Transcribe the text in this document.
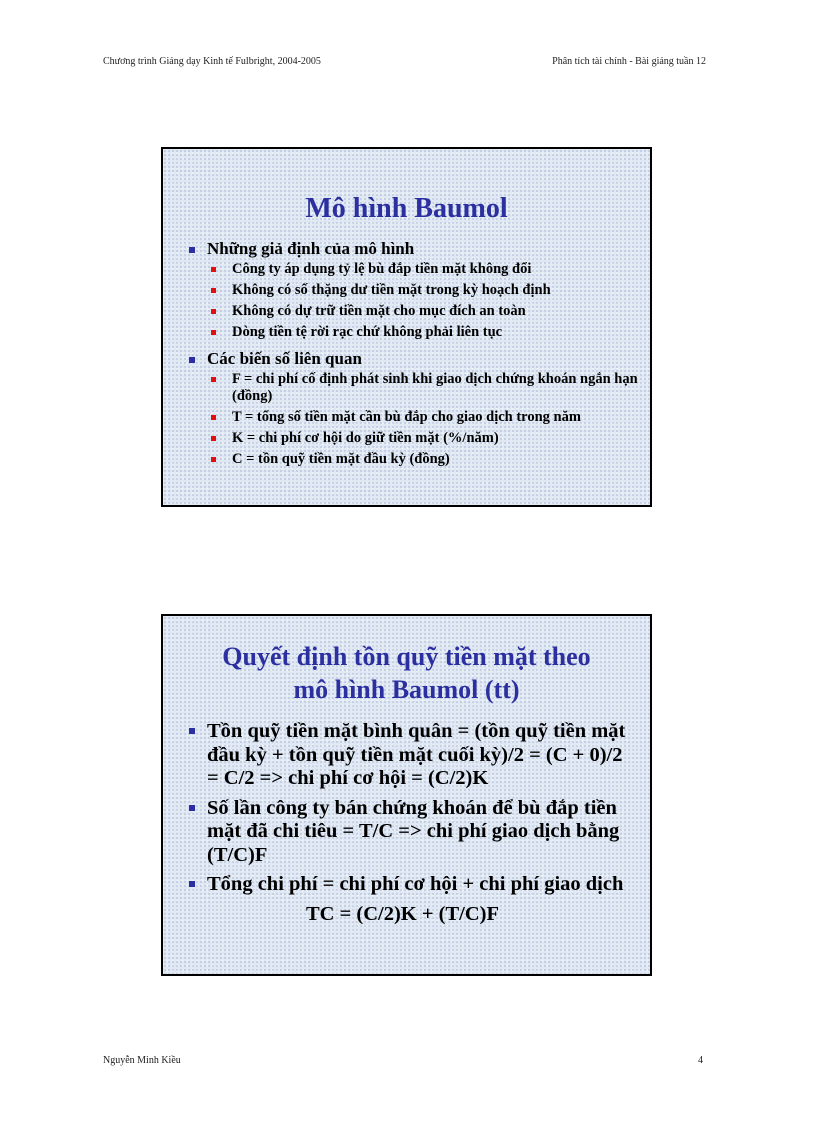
Chương trình Giảng dạy Kinh tế Fulbright, 2004-2005	Phân tích tài chính - Bài giảng tuần 12
Mô hình Baumol
Những giả định của mô hình
Công ty áp dụng tỷ lệ bù đắp tiền mặt không đổi
Không có số thặng dư tiền mặt trong kỳ hoạch định
Không có dự trữ tiền mặt cho mục đích an toàn
Dòng tiền tệ rời rạc chứ không phải liên tục
Các biến số liên quan
F = chi phí cố định phát sinh khi giao dịch chứng khoán ngắn hạn (đồng)
T = tổng số tiền mặt cần bù đắp cho giao dịch trong năm
K = chi phí cơ hội do giữ tiền mặt (%/năm)
C = tồn quỹ tiền mặt đầu kỳ (đồng)
Quyết định tồn quỹ tiền mặt theo
mô hình Baumol (tt)
Tồn quỹ tiền mặt bình quân = (tồn quỹ tiền mặt đầu kỳ + tồn quỹ tiền mặt cuối kỳ)/2 = (C + 0)/2 = C/2 => chi phí cơ hội = (C/2)K
Số lần công ty bán chứng khoán để bù đắp tiền mặt đã chi tiêu = T/C => chi phí giao dịch bằng (T/C)F
Tổng chi phí = chi phí cơ hội + chi phí giao dịch
TC = (C/2)K + (T/C)F
Nguyễn Minh Kiều	4
